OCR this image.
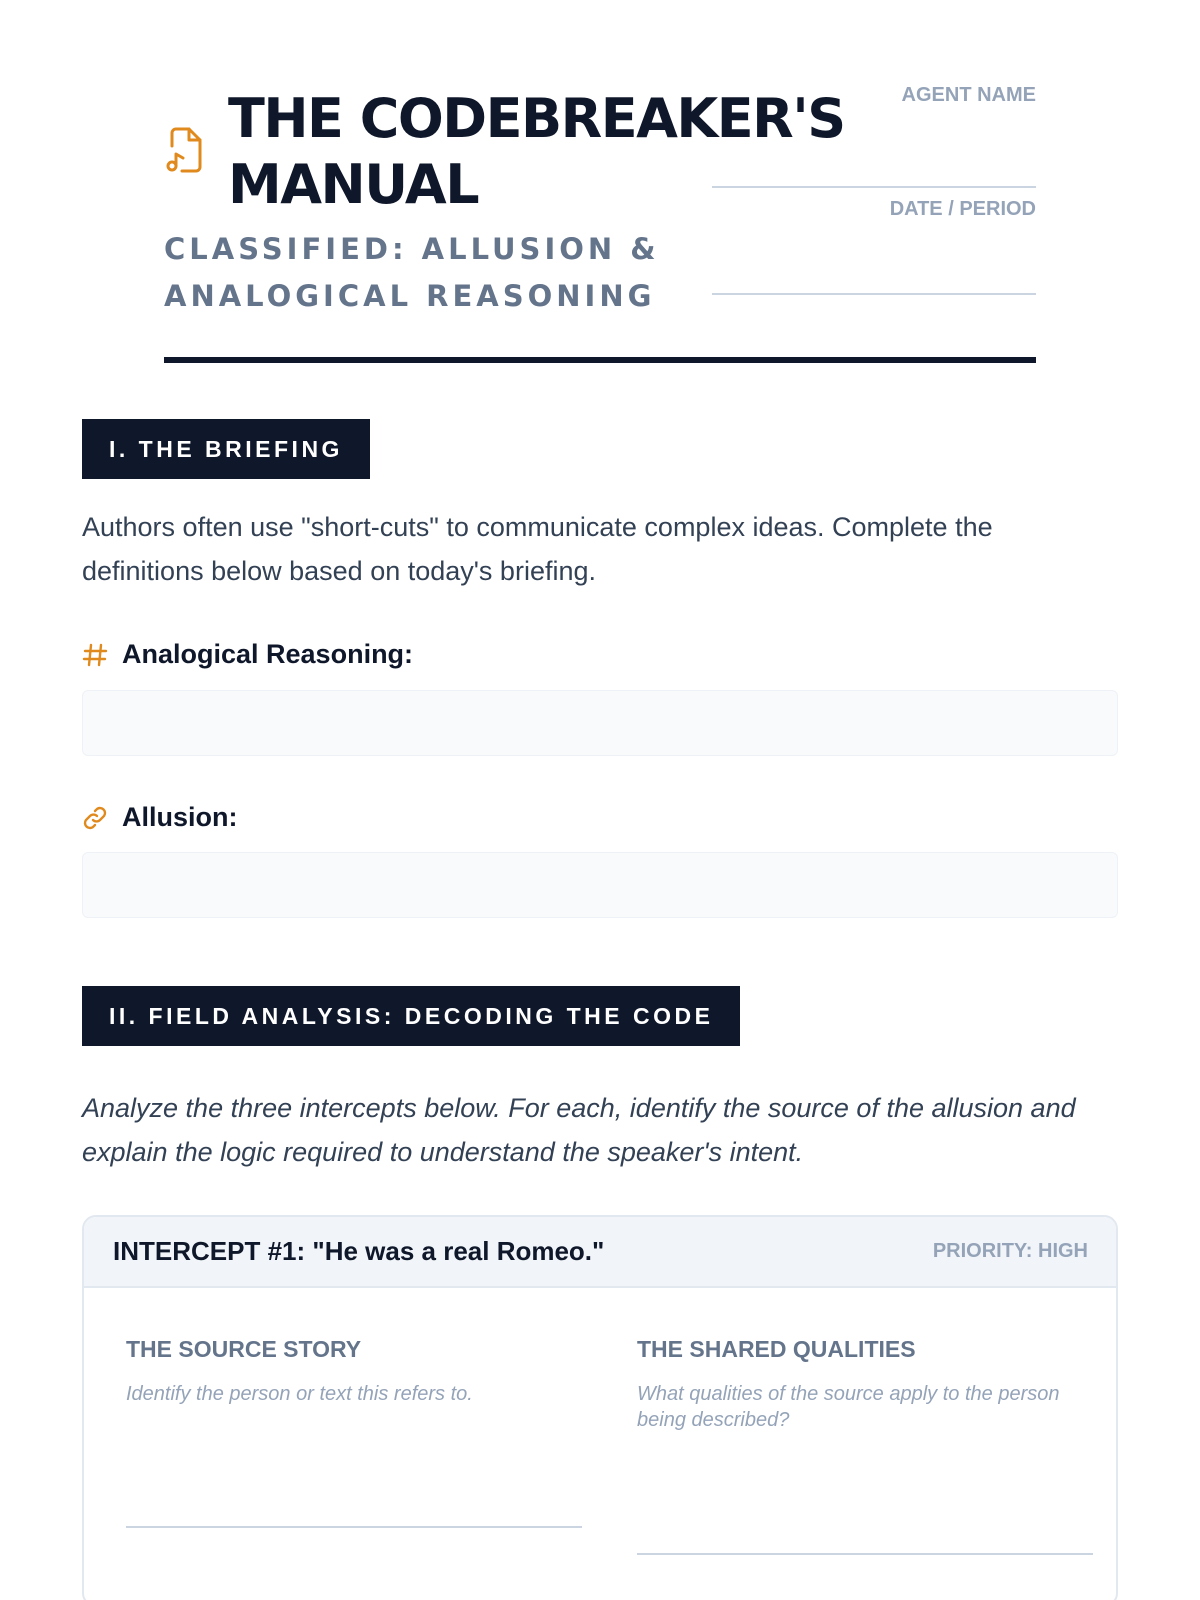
THE CODEBREAKER'S MANUAL
CLASSIFIED: ALLUSION & ANALOGICAL REASONING
AGENT NAME
DATE / PERIOD
I. THE BRIEFING

Authors often use "short-cuts" to communicate complex ideas. Complete the definitions below based on today's briefing.

Analogical Reasoning:
Allusion:
II. FIELD ANALYSIS: DECODING THE CODE

Analyze the three intercepts below. For each, identify the source of the allusion and explain the logic required to understand the speaker's intent.

INTERCEPT #1: "He was a real Romeo."	PRIORITY: HIGH
THE SOURCE STORY
Identify the person or text this refers to.
THE SHARED QUALITIES
What qualities of the source apply to the person being described?
